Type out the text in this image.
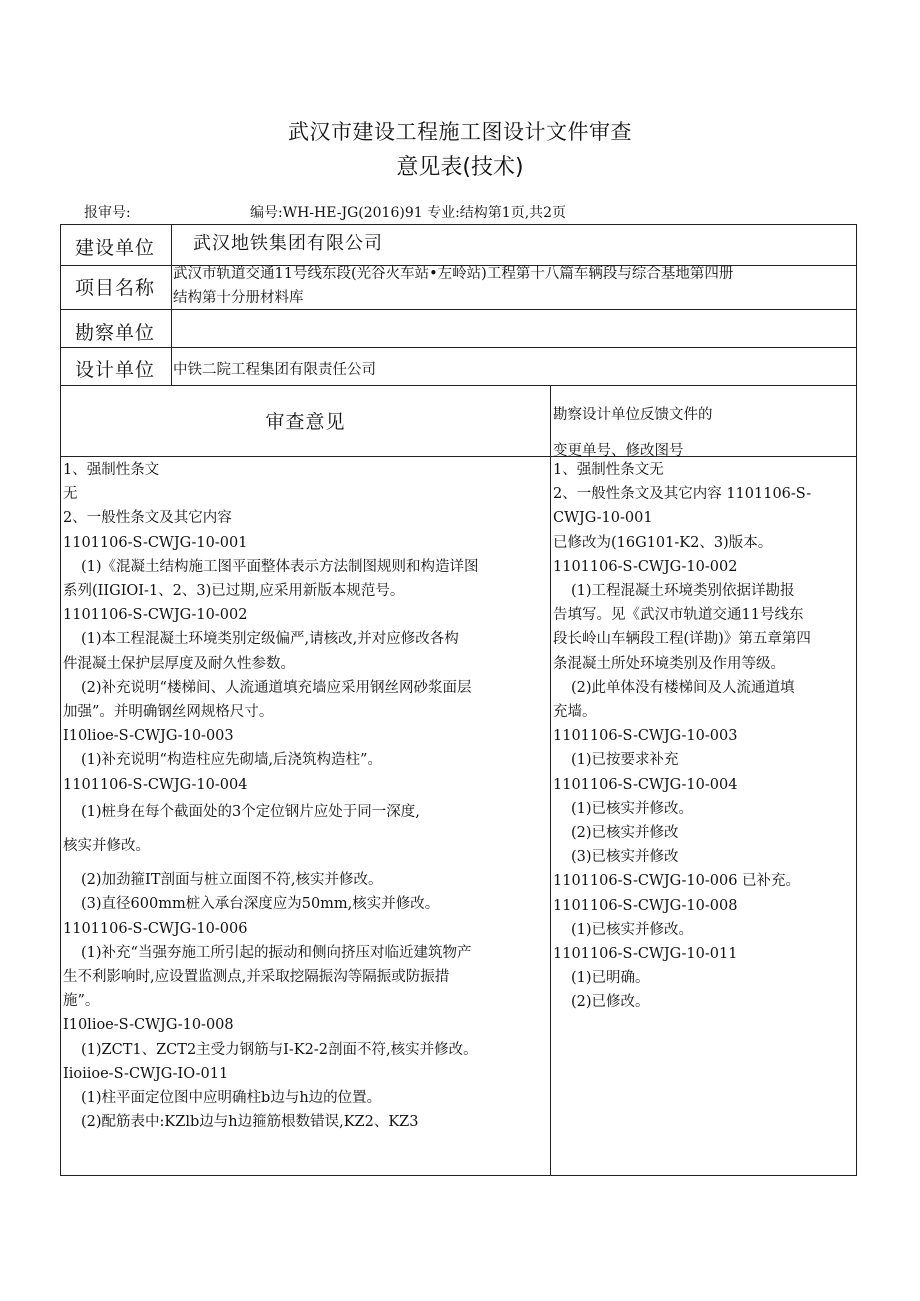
武汉市建设工程施工图设计文件审查
意见表(技术)
报审号:	编号:WH-HE-JG(2016)91 专业:结构第1页,共2页
建设单位 武汉地铁集团有限公司
项目名称
武汉市轨道交通11号线东段(光谷火车站•左岭站)工程第十八篇车辆段与综合基地第四册
结构第十分册材料库
勘察单位
设计单位 中铁二院工程集团有限责任公司
审查意见	勘察设计单位反馈文件的
变更单号、修改图号
1、强制性条文
无
2、一般性条文及其它内容
1101106-S-CWJG-10-001
(1)《混凝土结构施工图平面整体表示方法制图规则和构造详图
系列(IIGIOI-1、2、3)已过期,应采用新版本规范号。
1101106-S-CWJG-10-002
(1)本工程混凝土环境类别定级偏严,请核改,并对应修改各构
件混凝土保护层厚度及耐久性参数。
(2)补充说明“楼梯间、人流通道填充墙应采用钢丝网砂浆面层
加强”。并明确钢丝网规格尺寸。
I10lioe-S-CWJG-10-003
(1)补充说明“构造柱应先砌墙,后浇筑构造柱”。
1101106-S-CWJG-10-004
(1)桩身在每个截面处的3个定位钢片应处于同一深度,
核实并修改。
(2)加劲箍IT剖面与桩立面图不符,核实并修改。
(3)直径600mm桩入承台深度应为50mm,核实并修改。
1101106-S-CWJG-10-006
(1)补充“当强夯施工所引起的振动和侧向挤压对临近建筑物产
生不利影响时,应设置监测点,并采取挖隔振沟等隔振或防振措
施”。
I10lioe-S-CWJG-10-008
(1)ZCT1、ZCT2主受力钢筋与I-K2-2剖面不符,核实并修改。
Iioiioe-S-CWJG-IO-011
(1)柱平面定位图中应明确柱b边与h边的位置。
(2)配筋表中:KZlb边与h边箍筋根数错误,KZ2、KZ3
1、强制性条文无
2、一般性条文及其它内容 1101106-S-
CWJG-10-001
已修改为(16G101-K2、3)版本。
1101106-S-CWJG-10-002
(1)工程混凝土环境类别依据详勘报
告填写。见《武汉市轨道交通11号线东
段长岭山车辆段工程(详勘)》第五章第四
条混凝土所处环境类别及作用等级。
(2)此单体没有楼梯间及人流通道填
充墙。
1101106-S-CWJG-10-003
(1)已按要求补充
1101106-S-CWJG-10-004
(1)已核实并修改。
(2)已核实并修改
(3)已核实并修改
1101106-S-CWJG-10-006 已补充。
1101106-S-CWJG-10-008
(1)已核实并修改。
1101106-S-CWJG-10-011
(1)已明确。
(2)已修改。
